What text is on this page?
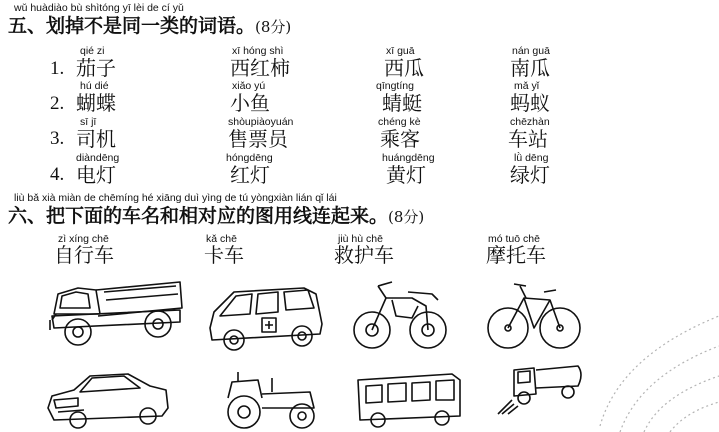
wǔ huàdiào bù shìtóng yī lèi de cí yǔ
五、划掉不是同一类的词语。(8分)
1.
qié zi
茄子
xī hóng shì
西红柿
xī guā
西瓜
nán guā
南瓜
2.
hú dié
蝴蝶
xiǎo yú
小鱼
qīngtíng
蜻蜓
mǎ yǐ
蚂蚁
3.
sī jī
司机
shòupiàoyuán
售票员
chéng kè
乘客
chēzhàn
车站
4.
diàndēng
电灯
hóngdēng
红灯
huángdēng
黄灯
lǜ dēng
绿灯
liù bǎ xià miàn de chēmíng hé xiāng duì yìng de tú yòngxiàn lián qǐ lái
六、把下面的车名和相对应的图用线连起来。(8分)
zì xíng chē
自行车
kǎ chē
卡车
jiù hù chē
救护车
mó tuō chē
摩托车
